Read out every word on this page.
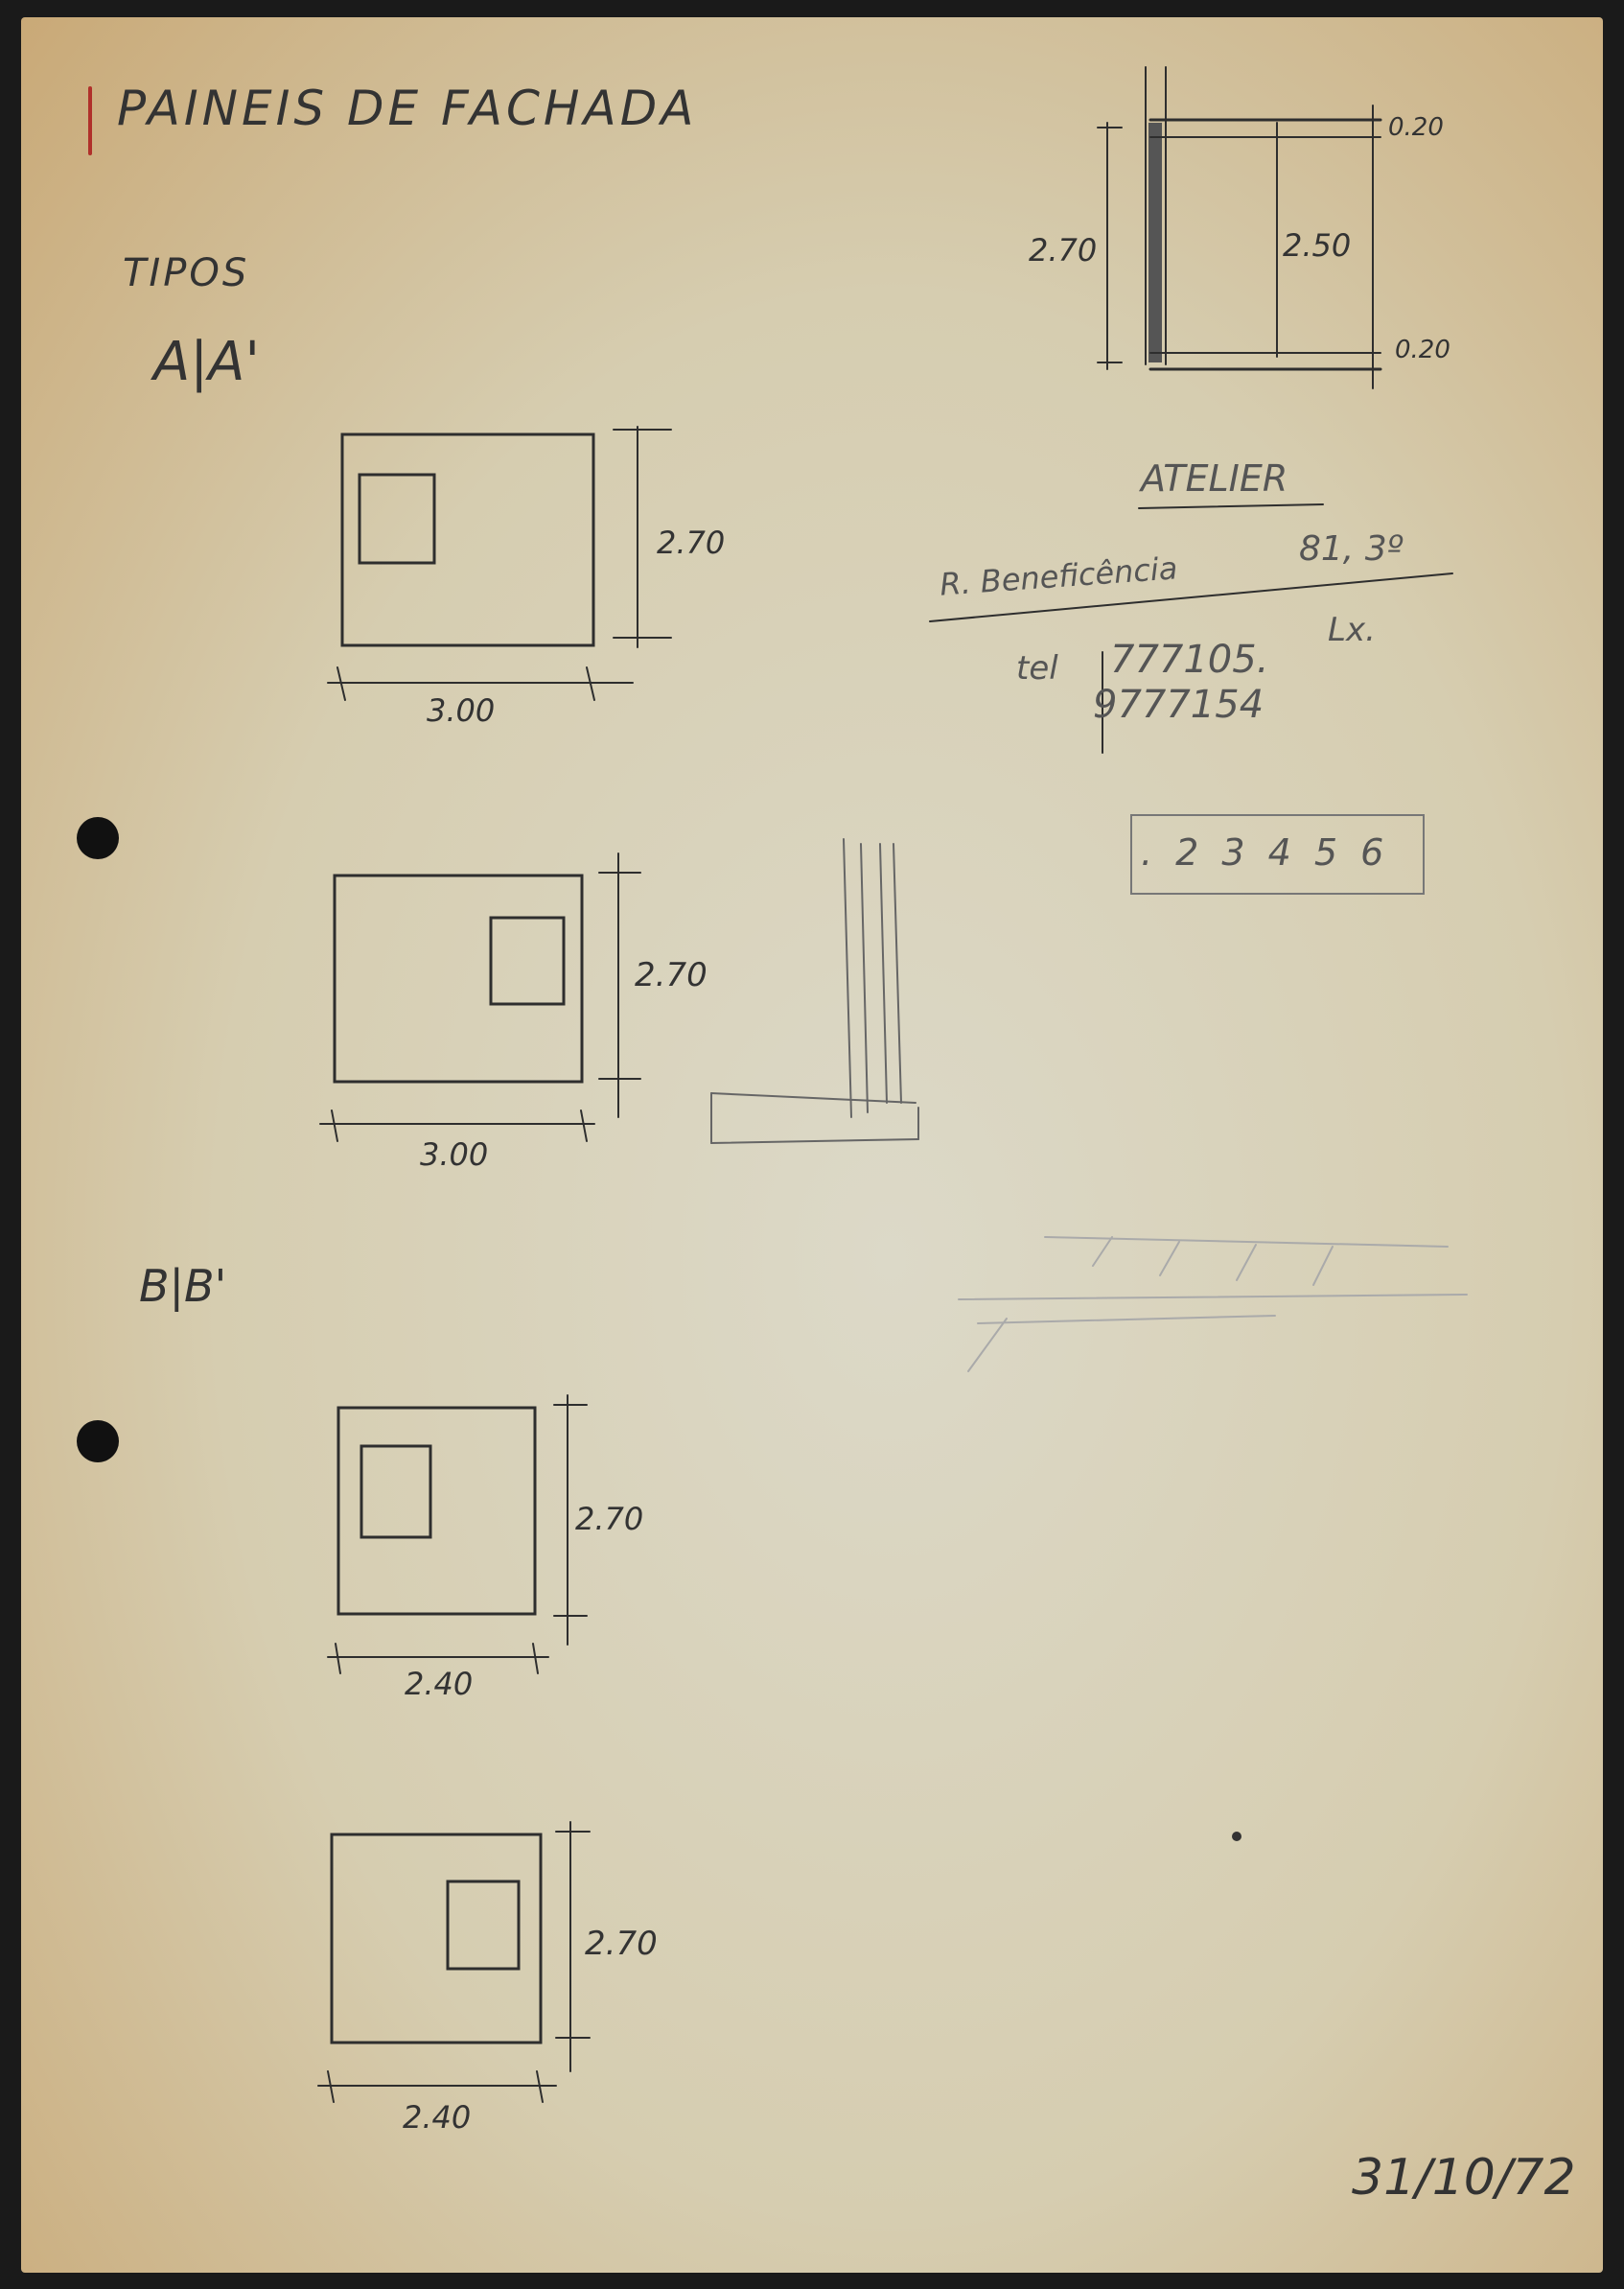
PAINEIS DE FACHADA
TIPOS
A|A'
B|B'
2.70
3.00
2.70
3.00
2.70
2.40
2.70
2.40
2.70	2.50
0.20
0.20
ATELIER
R. Beneficência
81, 3º
Lx.
tel 777105.
9777154
. 2 3 4 5 6
31/10/72
